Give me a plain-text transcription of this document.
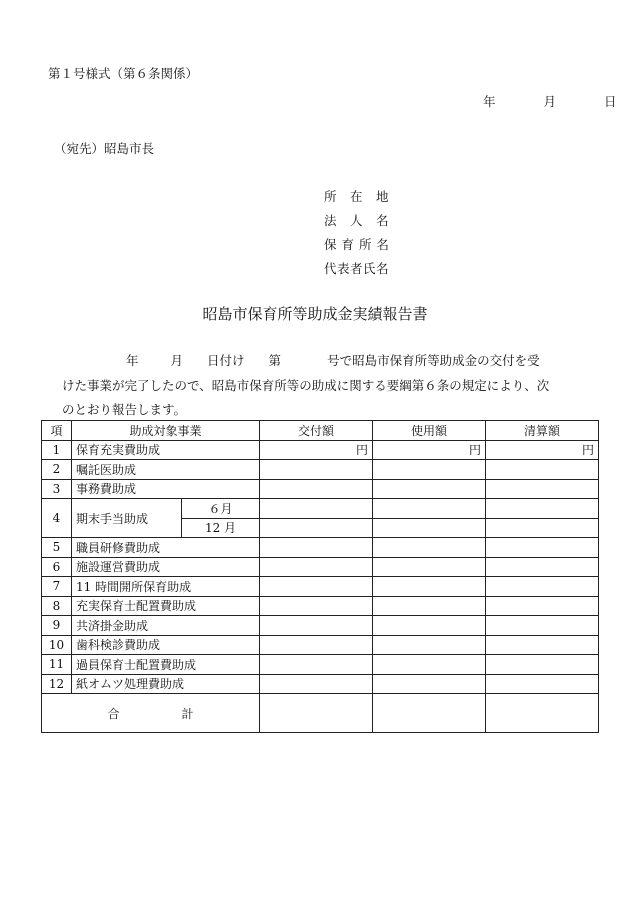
第１号様式（第６条関係）
年	月	日
（宛先）昭島市長
所　在　地
法　人　名
保 育 所 名
代表者氏名
昭島市保育所等助成金実績報告書
年	月 日付け 第	号で昭島市保育所等助成金の交付を受
けた事業が完了したので、昭島市保育所等の助成に関する要綱第６条の規定により、次
のとおり報告します。
項	助成対象事業		交付額	使用額	清算額
1	保育充実費助成		円	円	円
2	嘱託医助成				
3	事務費助成				
4	期末手当助成	６月			
		12 月			
5	職員研修費助成				
6	施設運営費助成				
7	11 時間開所保育助成				
8	充実保育士配置費助成				
9	共済掛金助成				
10	歯科検診費助成				
11	過員保育士配置費助成				
12	紙オムツ処理費助成				
合 計					
